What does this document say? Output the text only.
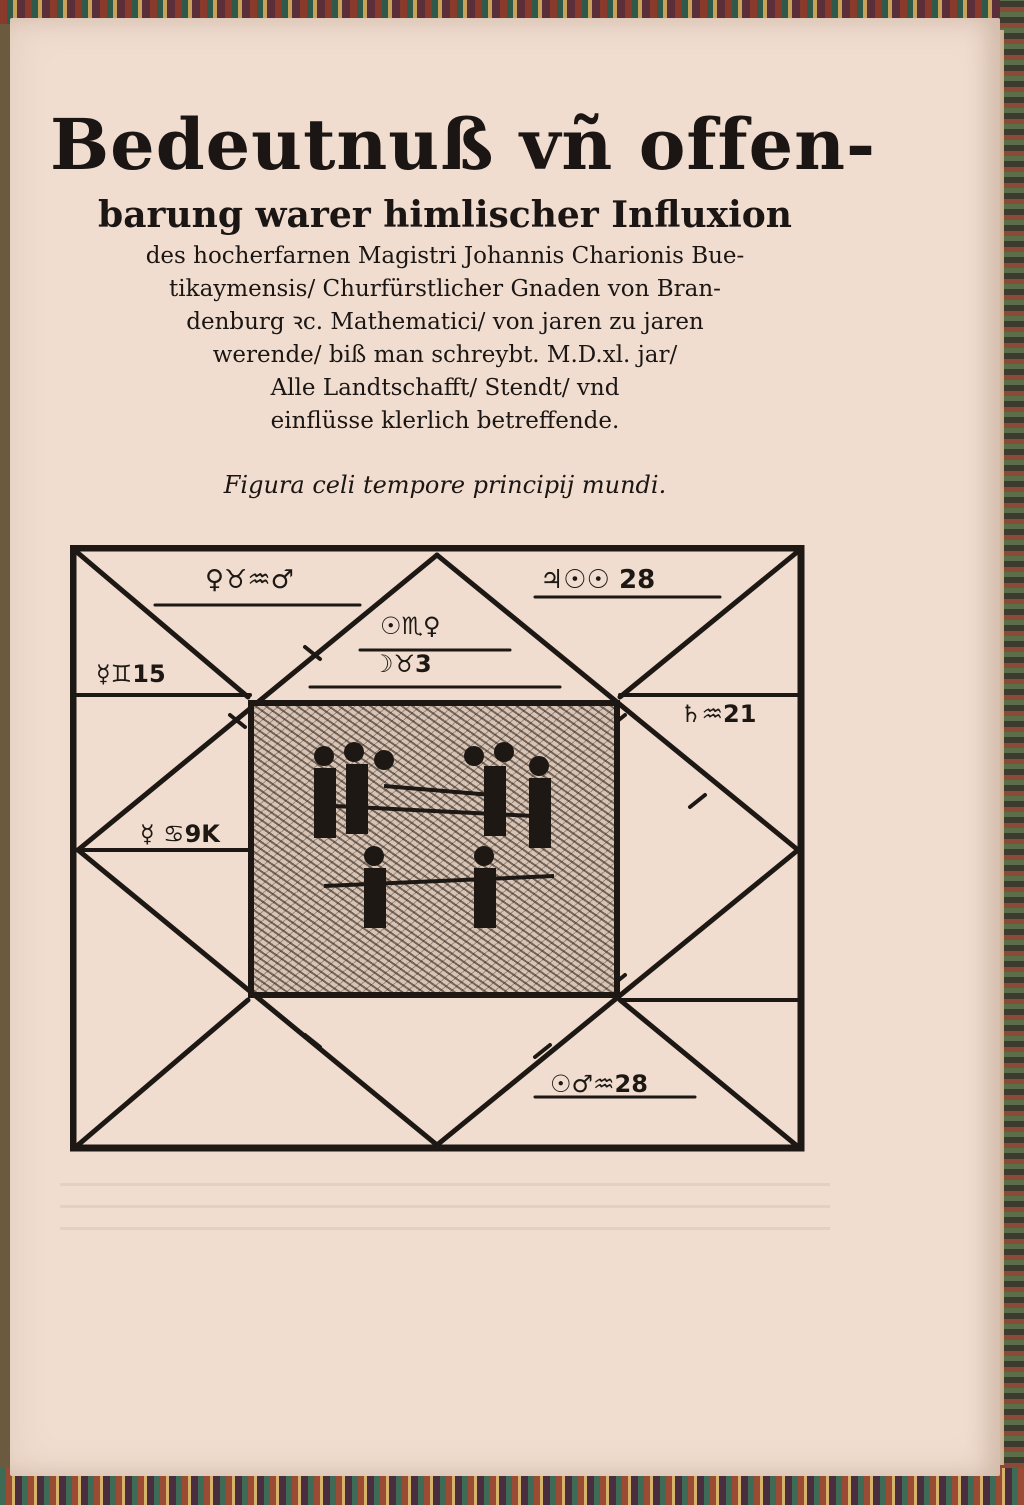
Bedeutnuß vñ offen-
barung warer himlischer Influxion
des hocherfarnen Magistri Johannis Charionis Bue-
tikaymensis/ Churfürstlicher Gnaden von Bran-
denburg ꝛc. Mathematici/ von jaren zu jaren
werende/ biß man schreybt. M.D.xl. jar/
Alle Landtschafft/ Stendt/ vnd
einflüsse klerlich betreffende.
Figura celi tempore principij mundi.
♀♉♒♂	♃☉☉ 28
☉♏♀
☽♉3
☿♊15
☿ ♋9K
♄♒21
☉♂♒28
